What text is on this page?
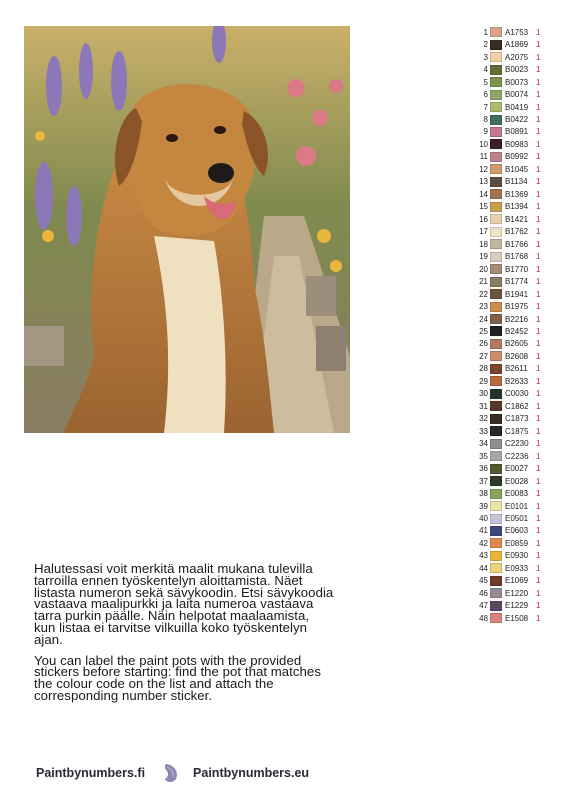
Halutessasi voit merkitä maalit mukana tulevilla tarroilla ennen työskentelyn aloittamista. Näet listasta numeron sekä sävykoodin. Etsi sävykoodia vastaava maalipurkki ja laita numeroa vastaava tarra purkin päälle. Näin helpotat maalaamista, kun listaa ei tarvitse vilkuilla koko työskentelyn ajan.

You can label the paint pots with the provided stickers before starting: find the pot that matches the colour code on the list and attach the corresponding number sticker.

Paintbynumbers.fi	Paintbynumbers.eu
1 A1753 1
2 A1869 1
3 A2075 1
4 B0023 1
5 B0073 1
6 B0074 1
7 B0419 1
8 B0422 1
9 B0891 1
10 B0983 1
11 B0992 1
12 B1045 1
13 B1134	1
14 B1369 1
15 B1394 1
16 B1421 1
17 B1762 1
18 B1766 1
19 B1768 1
20 B1770 1
21 B1774 1
22 B1941 1
23 B1975 1
24 B2216 1
25 B2452 1
26 B2605 1
27 B2608 1
28 B2611	1
29 B2633 1
30 C0030 1
31 C1862 1
32 C1873 1
33 C1875 1
34 C2230 1
35 C2236 1
36 E0027 1
37 E0028 1
38 E0083 1
39 E0101 1
40 E0501 1
41 E0603 1
42 E0859 1
43 E0930 1
44 E0933 1
45 E1069 1
46 E1220 1
47 E1229 1
48 E1508 1
